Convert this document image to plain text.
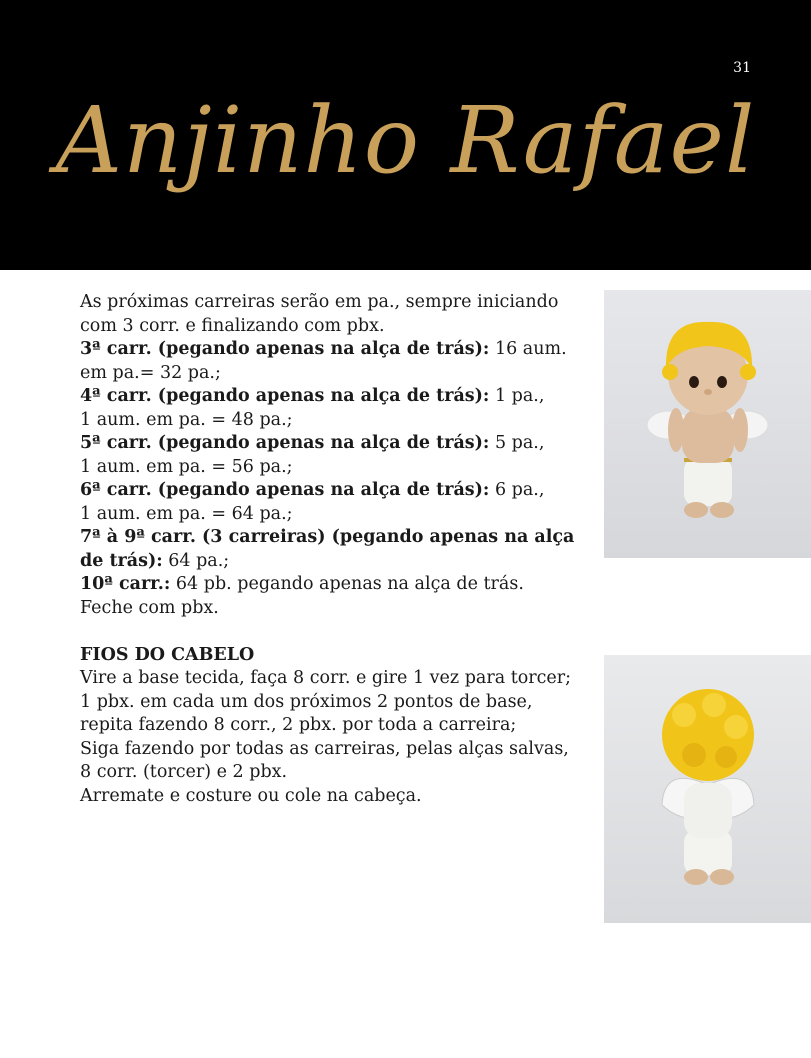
31
Anjinho Rafael

As próximas carreiras serão em pa., sempre iniciando

com 3 corr. e finalizando com pbx.

3ª carr. (pegando apenas na alça de trás): 16 aum.

em pa.= 32 pa.;

4ª carr. (pegando apenas na alça de trás): 1 pa.,

1 aum. em pa. = 48 pa.;

5ª carr. (pegando apenas na alça de trás): 5 pa.,

1 aum. em pa. = 56 pa.;

6ª carr. (pegando apenas na alça de trás): 6 pa.,

1 aum. em pa. = 64 pa.;

7ª à 9ª carr. (3 carreiras) (pegando apenas na alça

de trás): 64 pa.;

10ª carr.: 64 pb. pegando apenas na alça de trás.

Feche com pbx.

FIOS DO CABELO

Vire a base tecida, faça 8 corr. e gire 1 vez para torcer;

1 pbx. em cada um dos próximos 2 pontos de base,

repita fazendo 8 corr., 2 pbx. por toda a carreira;

Siga fazendo por todas as carreiras, pelas alças salvas,

8 corr. (torcer) e 2 pbx.

Arremate e costure ou cole na cabeça.
